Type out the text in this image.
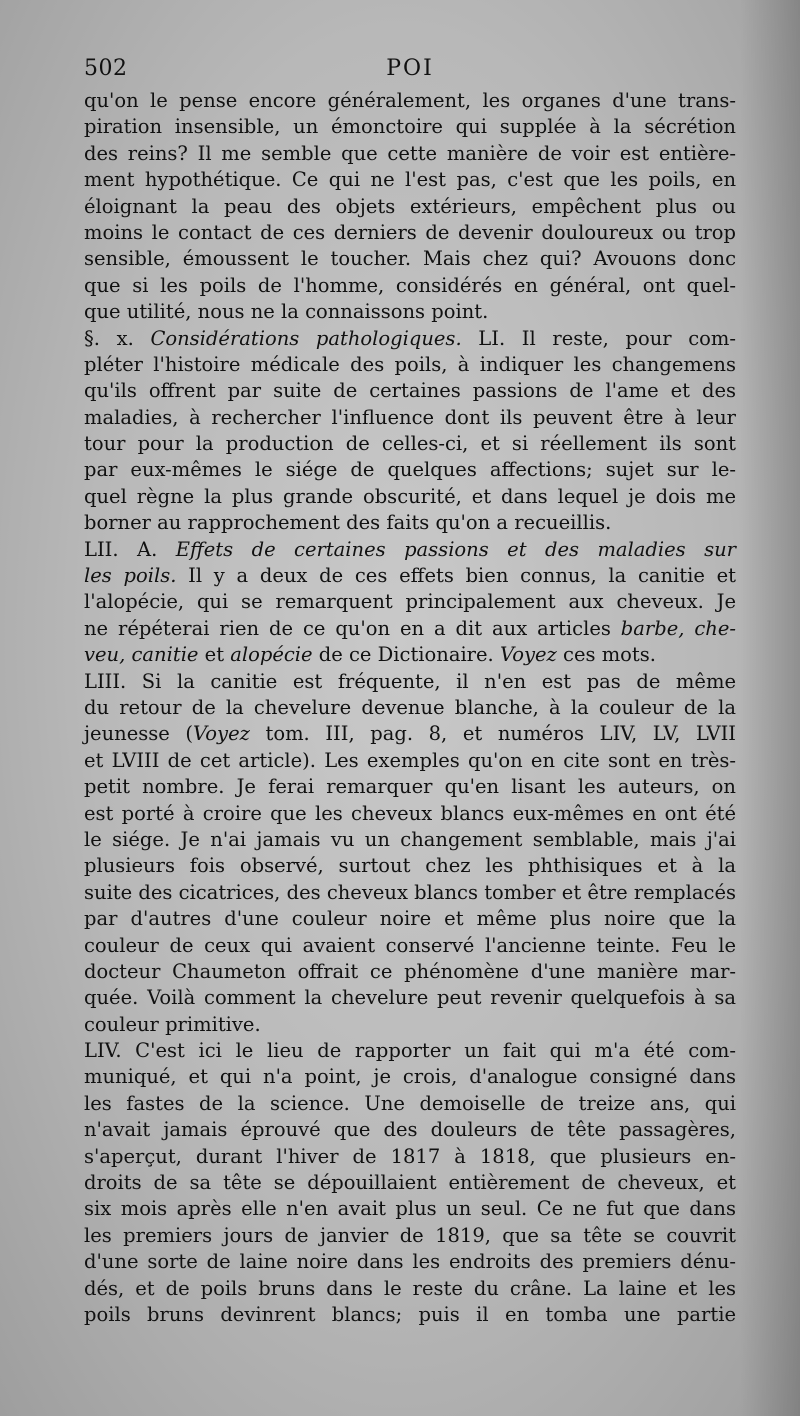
502	POI
qu'on le pense encore généralement, les organes d'une trans-
piration insensible, un émonctoire qui supplée à la sécrétion
des reins? Il me semble que cette manière de voir est entière-
ment hypothétique. Ce qui ne l'est pas, c'est que les poils, en
éloignant la peau des objets extérieurs, empêchent plus ou
moins le contact de ces derniers de devenir douloureux ou trop
sensible, émoussent le toucher. Mais chez qui? Avouons donc
que si les poils de l'homme, considérés en général, ont quel-
que utilité, nous ne la connaissons point.
§. x. Considérations pathologiques. LI. Il reste, pour com-
pléter l'histoire médicale des poils, à indiquer les changemens
qu'ils offrent par suite de certaines passions de l'ame et des
maladies, à rechercher l'influence dont ils peuvent être à leur
tour pour la production de celles-ci, et si réellement ils sont
par eux-mêmes le siége de quelques affections; sujet sur le-
quel règne la plus grande obscurité, et dans lequel je dois me
borner au rapprochement des faits qu'on a recueillis.
LII. A. Effets de certaines passions et des maladies sur
les poils. Il y a deux de ces effets bien connus, la canitie et
l'alopécie, qui se remarquent principalement aux cheveux. Je
ne répéterai rien de ce qu'on en a dit aux articles barbe, che-
veu, canitie et alopécie de ce Dictionaire. Voyez ces mots.
LIII. Si la canitie est fréquente, il n'en est pas de même
du retour de la chevelure devenue blanche, à la couleur de la
jeunesse (Voyez tom. III, pag. 8, et numéros LIV, LV, LVII
et LVIII de cet article). Les exemples qu'on en cite sont en très-
petit nombre. Je ferai remarquer qu'en lisant les auteurs, on
est porté à croire que les cheveux blancs eux-mêmes en ont été
le siége. Je n'ai jamais vu un changement semblable, mais j'ai
plusieurs fois observé, surtout chez les phthisiques et à la
suite des cicatrices, des cheveux blancs tomber et être remplacés
par d'autres d'une couleur noire et même plus noire que la
couleur de ceux qui avaient conservé l'ancienne teinte. Feu le
docteur Chaumeton offrait ce phénomène d'une manière mar-
quée. Voilà comment la chevelure peut revenir quelquefois à sa
couleur primitive.
LIV. C'est ici le lieu de rapporter un fait qui m'a été com-
muniqué, et qui n'a point, je crois, d'analogue consigné dans
les fastes de la science. Une demoiselle de treize ans, qui
n'avait jamais éprouvé que des douleurs de tête passagères,
s'aperçut, durant l'hiver de 1817 à 1818, que plusieurs en-
droits de sa tête se dépouillaient entièrement de cheveux, et
six mois après elle n'en avait plus un seul. Ce ne fut que dans
les premiers jours de janvier de 1819, que sa tête se couvrit
d'une sorte de laine noire dans les endroits des premiers dénu-
dés, et de poils bruns dans le reste du crâne. La laine et les
poils bruns devinrent blancs; puis il en tomba une partie
